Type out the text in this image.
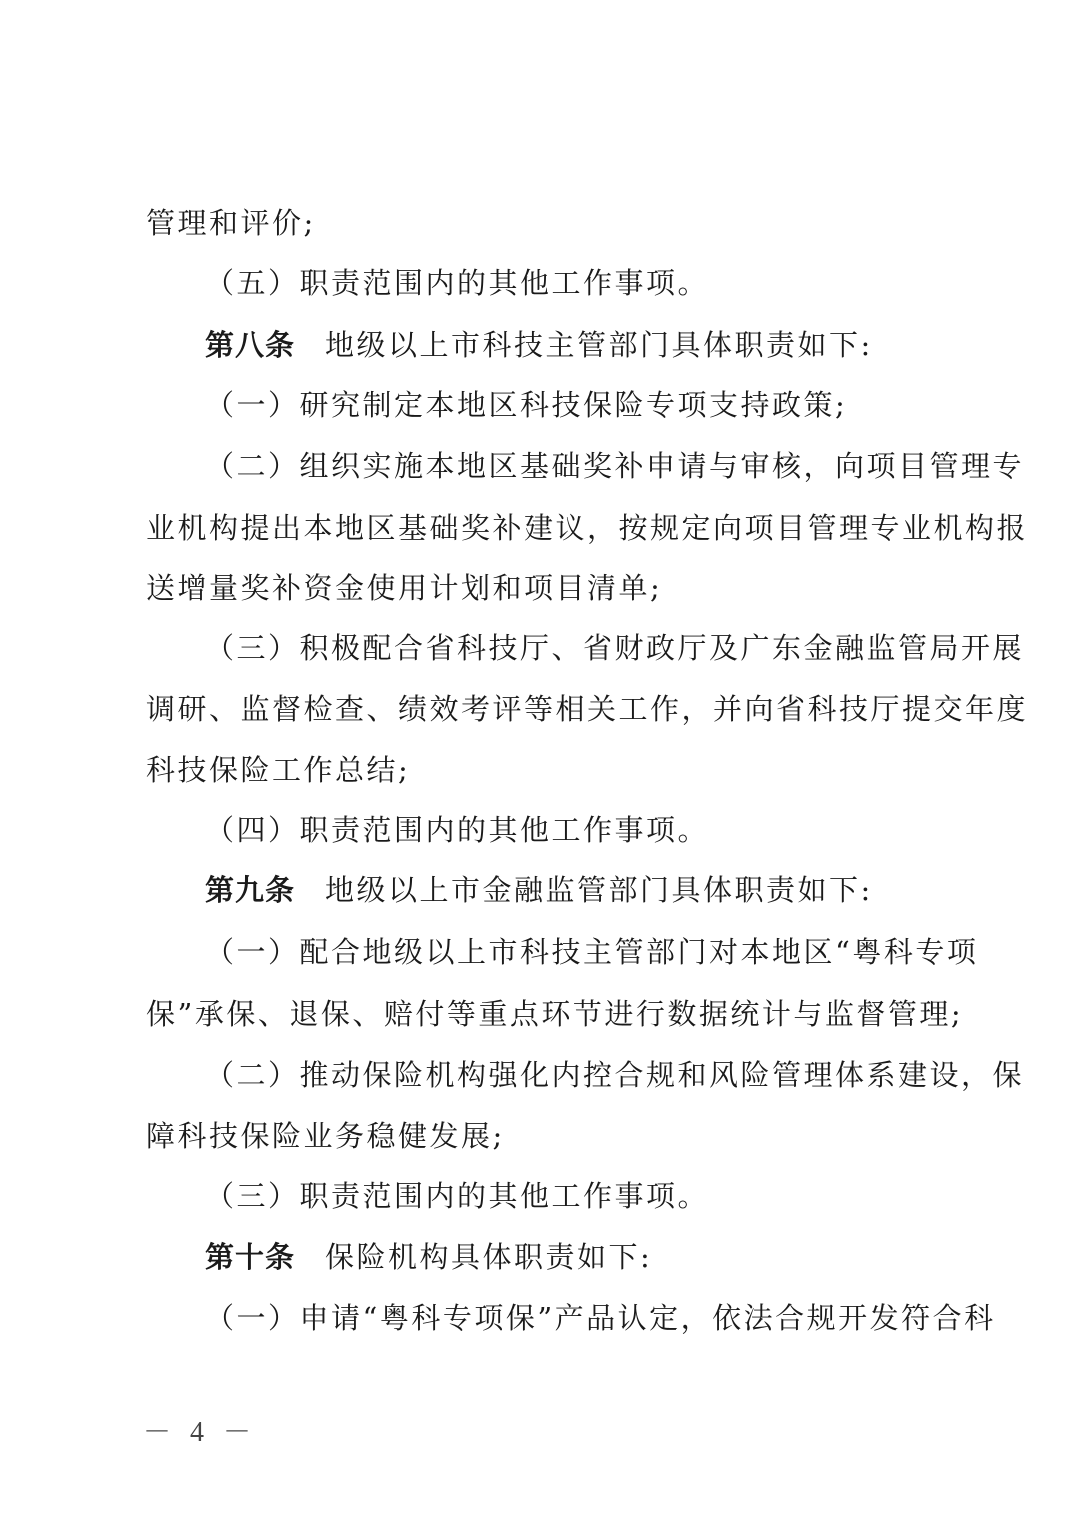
管理和评价;
（五）职责范围内的其他工作事项。
第八条 地级以上市科技主管部门具体职责如下:
（一）研究制定本地区科技保险专项支持政策;
（二）组织实施本地区基础奖补申请与审核，向项目管理专
业机构提出本地区基础奖补建议，按规定向项目管理专业机构报
送增量奖补资金使用计划和项目清单;
（三）积极配合省科技厅、省财政厅及广东金融监管局开展
调研、监督检查、绩效考评等相关工作，并向省科技厅提交年度
科技保险工作总结;
（四）职责范围内的其他工作事项。
第九条 地级以上市金融监管部门具体职责如下:
（一）配合地级以上市科技主管部门对本地区“粤科专项
保”承保、退保、赔付等重点环节进行数据统计与监督管理;
（二）推动保险机构强化内控合规和风险管理体系建设，保
障科技保险业务稳健发展;
（三）职责范围内的其他工作事项。
第十条 保险机构具体职责如下:
（一）申请“粤科专项保”产品认定，依法合规开发符合科
－ 4 －
